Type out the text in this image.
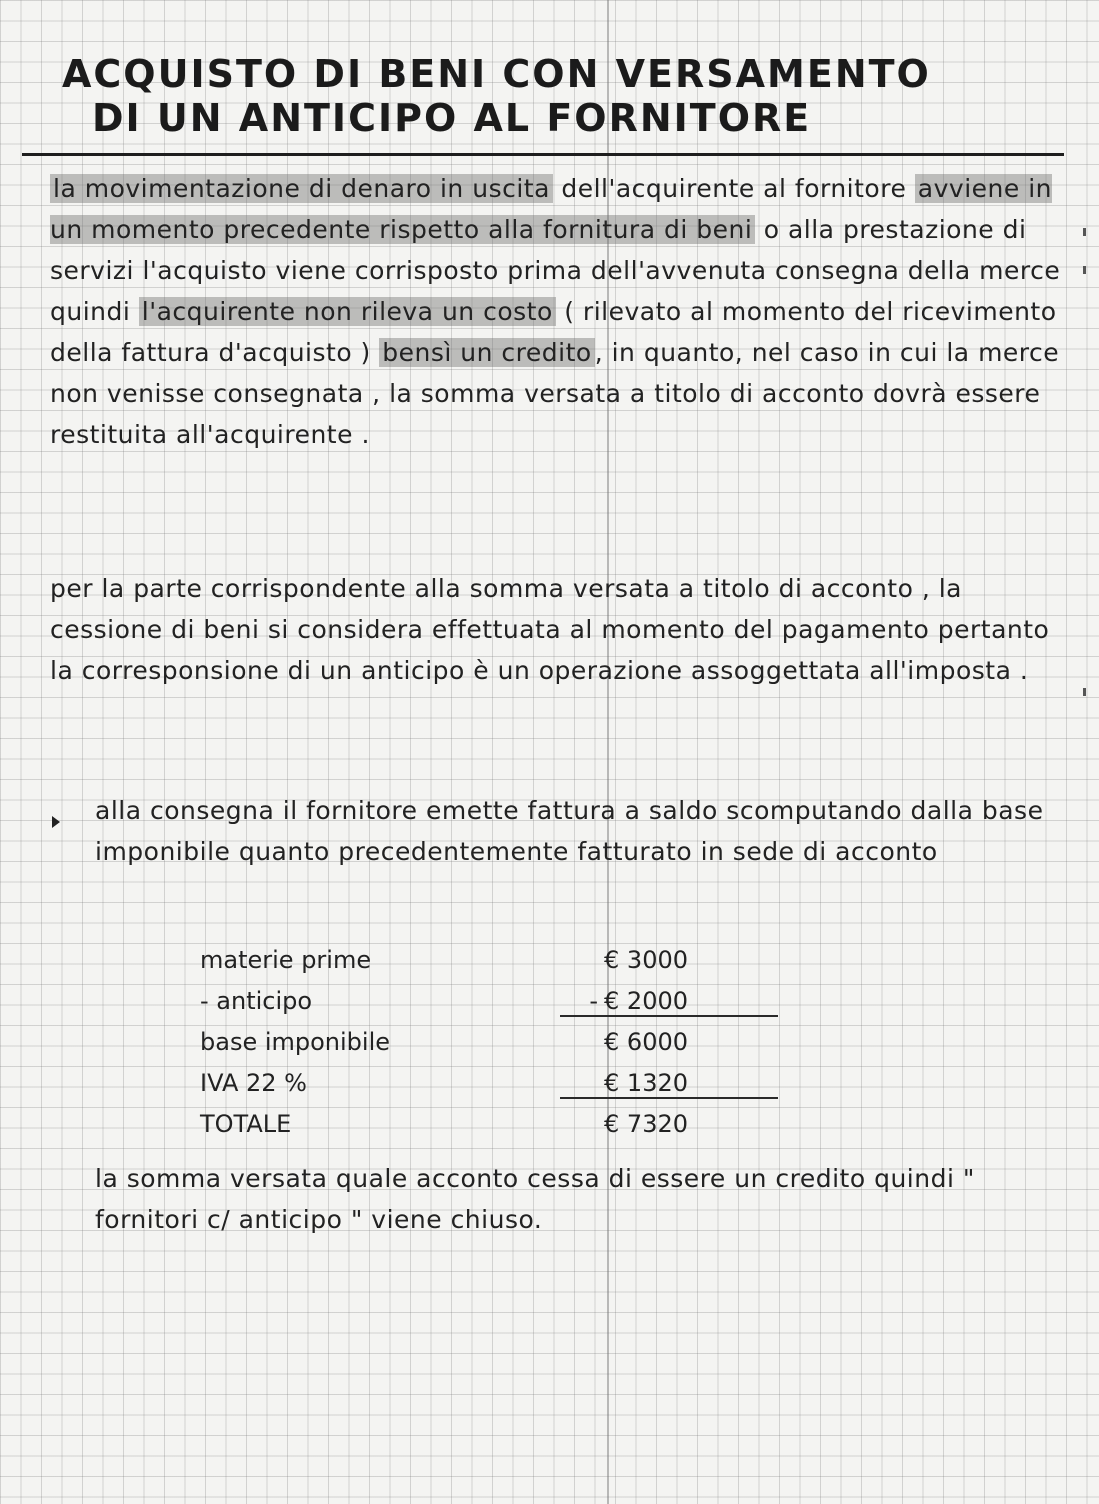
ACQUISTO DI BENI CON VERSAMENTO
DI UN ANTICIPO AL FORNITORE

la movimentazione di denaro in uscita dell'acquirente al fornitore avviene in un momento precedente rispetto alla fornitura di beni o alla prestazione di servizi l'acquisto viene corrisposto prima dell'avvenuta consegna della merce quindi l'acquirente non rileva un costo ( rilevato al momento del ricevimento della fattura d'acquisto ) bensì un credito , in quanto, nel caso in cui la merce non venisse consegnata , la somma versata a titolo di acconto dovrà essere restituita all'acquirente .

per la parte corrispondente alla somma versata a titolo di acconto , la cessione di beni si considera effettuata al momento del pagamento pertanto la corresponsione di un anticipo è un operazione assoggettata all'imposta .

alla consegna il fornitore emette fattura a saldo scomputando dalla base imponibile quanto precedentemente fatturato in sede di acconto

materie prime	€ 3000
- anticipo	- € 2000
base imponibile	€ 6000
IVA 22 %	€ 1320
TOTALE	€ 7320

la somma versata quale acconto cessa di essere un credito quindi " fornitori c/ anticipo " viene chiuso.
